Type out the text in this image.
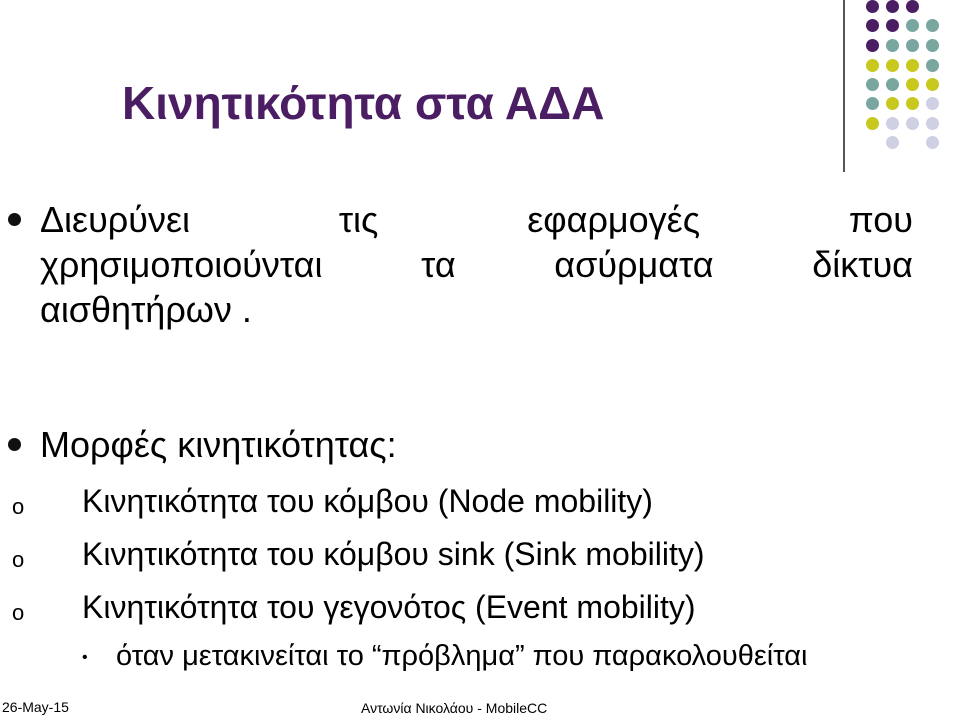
Κινητικότητα στα ΑΔΑ
Διευρύνει	τις	εφαρμογές	που
χρησιμοποιούνται	τα	ασύρματα	δίκτυα
αισθητήρων .
Μορφές κινητικότητας:
o Κινητικότητα του κόμβου (Node mobility)
o Κινητικότητα του κόμβου sink (Sink mobility)
o Κινητικότητα του γεγονότος (Event mobility)
• όταν μετακινείται το “πρόβλημα” που παρακολουθείται
26-May-15	Αντωνία Νικολάου - MobileCC
